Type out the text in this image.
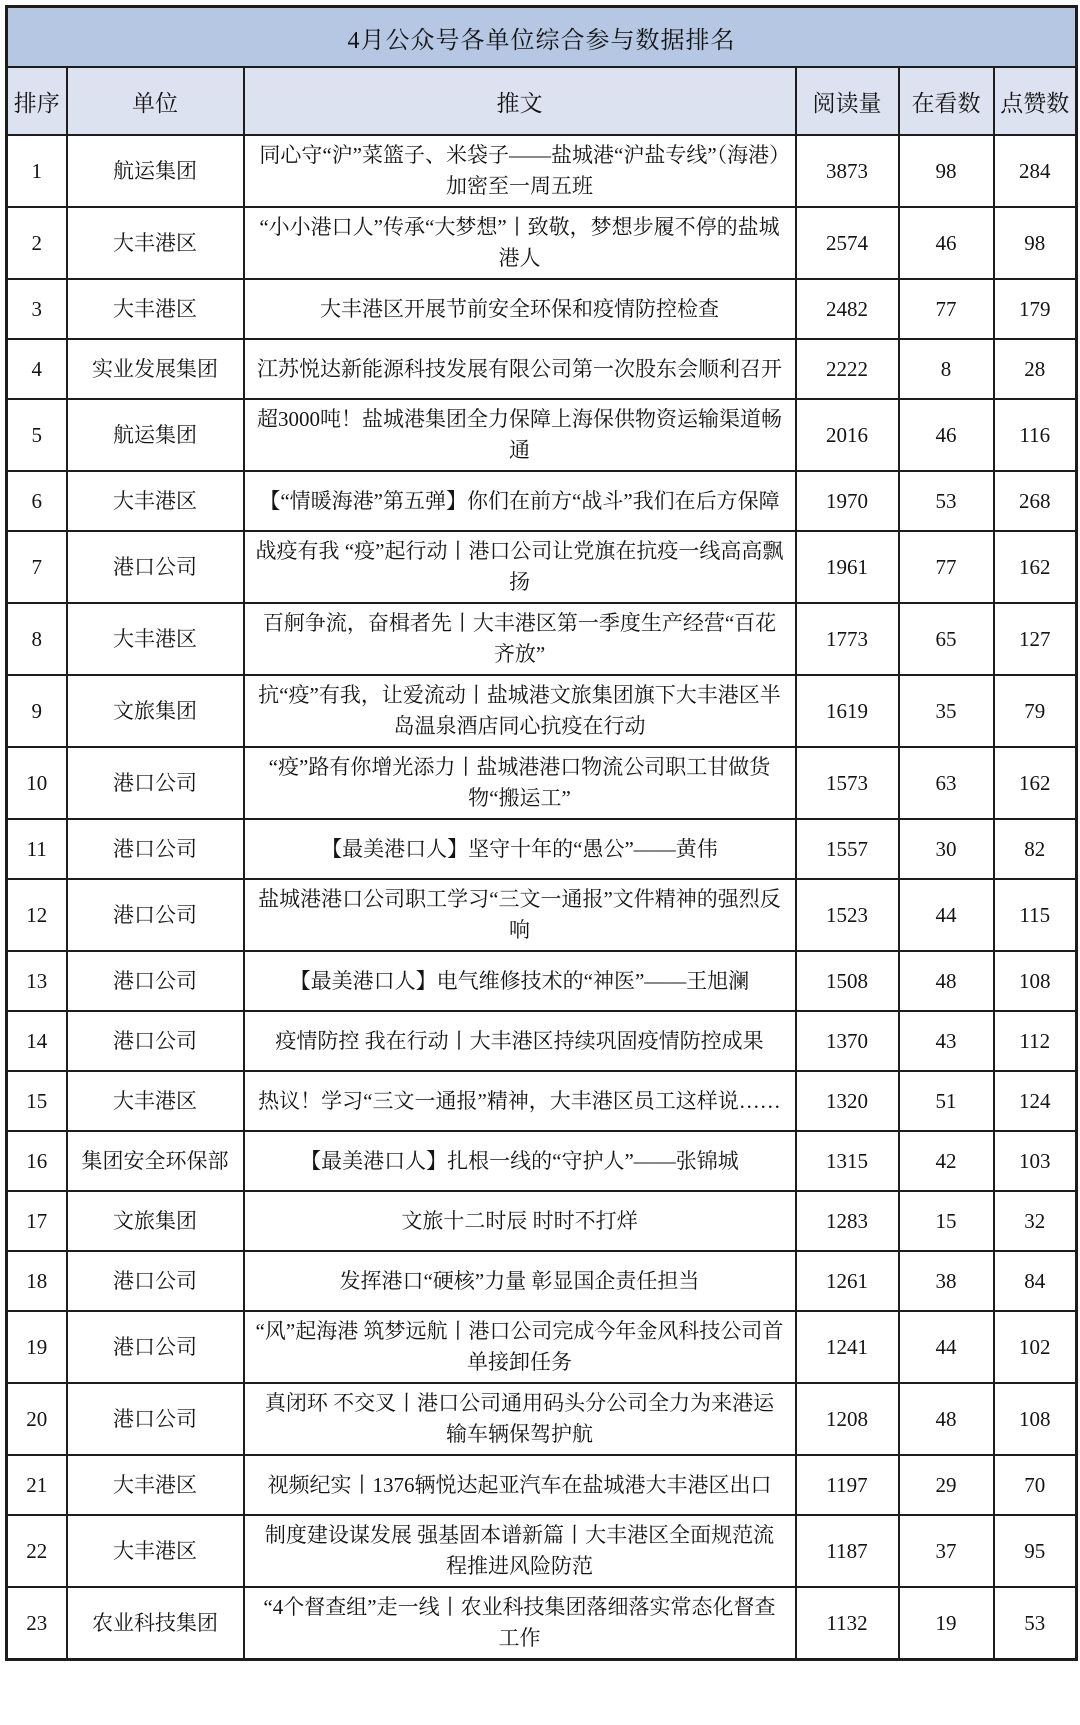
4月公众号各单位综合参与数据排名					
排序	单位	推文	阅读量	在看数	点赞数
1	航运集团	同心守“沪”菜篮子、米袋子——盐城港“沪盐专线”（海港）加密至一周五班	3873	98	284
2	大丰港区	“小小港口人”传承“大梦想”丨致敬，梦想步履不停的盐城港人	2574	46	98
3	大丰港区	大丰港区开展节前安全环保和疫情防控检查	2482	77	179
4	实业发展集团	江苏悦达新能源科技发展有限公司第一次股东会顺利召开	2222	8	28
5	航运集团	超3000吨！盐城港集团全力保障上海保供物资运输渠道畅通	2016	46	116
6	大丰港区	【“情暖海港”第五弹】你们在前方“战斗”我们在后方保障	1970	53	268
7	港口公司	战疫有我 “疫”起行动丨港口公司让党旗在抗疫一线高高飘扬	1961	77	162
8	大丰港区	百舸争流，奋楫者先丨大丰港区第一季度生产经营“百花齐放”	1773	65	127
9	文旅集团	抗“疫”有我，让爱流动丨盐城港文旅集团旗下大丰港区半岛温泉酒店同心抗疫在行动	1619	35	79
10	港口公司	“疫”路有你增光添力丨盐城港港口物流公司职工甘做货物“搬运工”	1573	63	162
11	港口公司	【最美港口人】坚守十年的“愚公”——黄伟	1557	30	82
12	港口公司	盐城港港口公司职工学习“三文一通报”文件精神的强烈反响	1523	44	115
13	港口公司	【最美港口人】电气维修技术的“神医”——王旭澜	1508	48	108
14	港口公司	疫情防控 我在行动丨大丰港区持续巩固疫情防控成果	1370	43	112
15	大丰港区	热议！学习“三文一通报”精神，大丰港区员工这样说……	1320	51	124
16	集团安全环保部	【最美港口人】扎根一线的“守护人”——张锦城	1315	42	103
17	文旅集团	文旅十二时辰 时时不打烊	1283	15	32
18	港口公司	发挥港口“硬核”力量 彰显国企责任担当	1261	38	84
19	港口公司	“风”起海港 筑梦远航丨港口公司完成今年金风科技公司首单接卸任务	1241	44	102
20	港口公司	真闭环 不交叉丨港口公司通用码头分公司全力为来港运输车辆保驾护航	1208	48	108
21	大丰港区	视频纪实丨1376辆悦达起亚汽车在盐城港大丰港区出口	1197	29	70
22	大丰港区	制度建设谋发展 强基固本谱新篇丨大丰港区全面规范流程推进风险防范	1187	37	95
23	农业科技集团	“4个督查组”走一线丨农业科技集团落细落实常态化督查工作	1132	19	53
